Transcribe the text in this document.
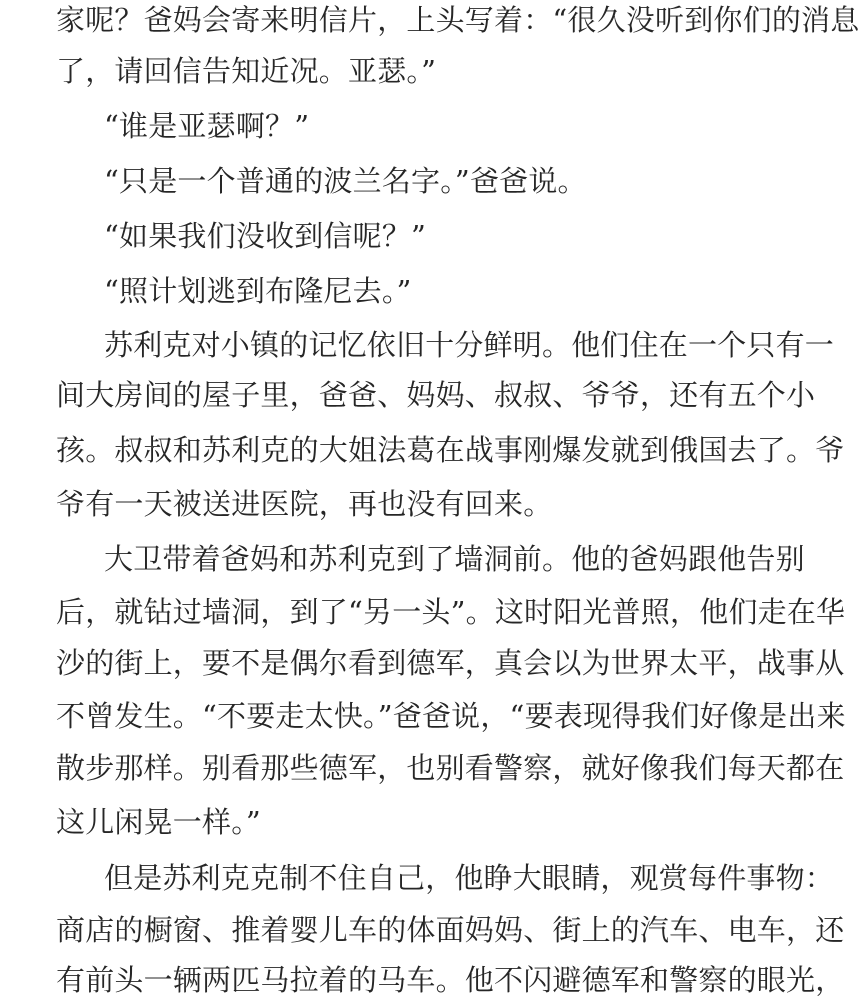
家呢？爸妈会寄来明信片，上头写着：“很久没听到你们的消息
了，请回信告知近况。亚瑟。”
“谁是亚瑟啊？”
“只是一个普通的波兰名字。”爸爸说。
“如果我们没收到信呢？”
“照计划逃到布隆尼去。”
苏利克对小镇的记忆依旧十分鲜明。他们住在一个只有一
间大房间的屋子里，爸爸、妈妈、叔叔、爷爷，还有五个小
孩。叔叔和苏利克的大姐法葛在战事刚爆发就到俄国去了。爷
爷有一天被送进医院，再也没有回来。
大卫带着爸妈和苏利克到了墙洞前。他的爸妈跟他告别
后，就钻过墙洞，到了“另一头”。这时阳光普照，他们走在华
沙的街上，要不是偶尔看到德军，真会以为世界太平，战事从
不曾发生。“不要走太快。”爸爸说，“要表现得我们好像是出来
散步那样。别看那些德军，也别看警察，就好像我们每天都在
这儿闲晃一样。”
但是苏利克克制不住自己，他睁大眼睛，观赏每件事物：
商店的橱窗、推着婴儿车的体面妈妈、街上的汽车、电车，还
有前头一辆两匹马拉着的马车。他不闪避德军和警察的眼光，
